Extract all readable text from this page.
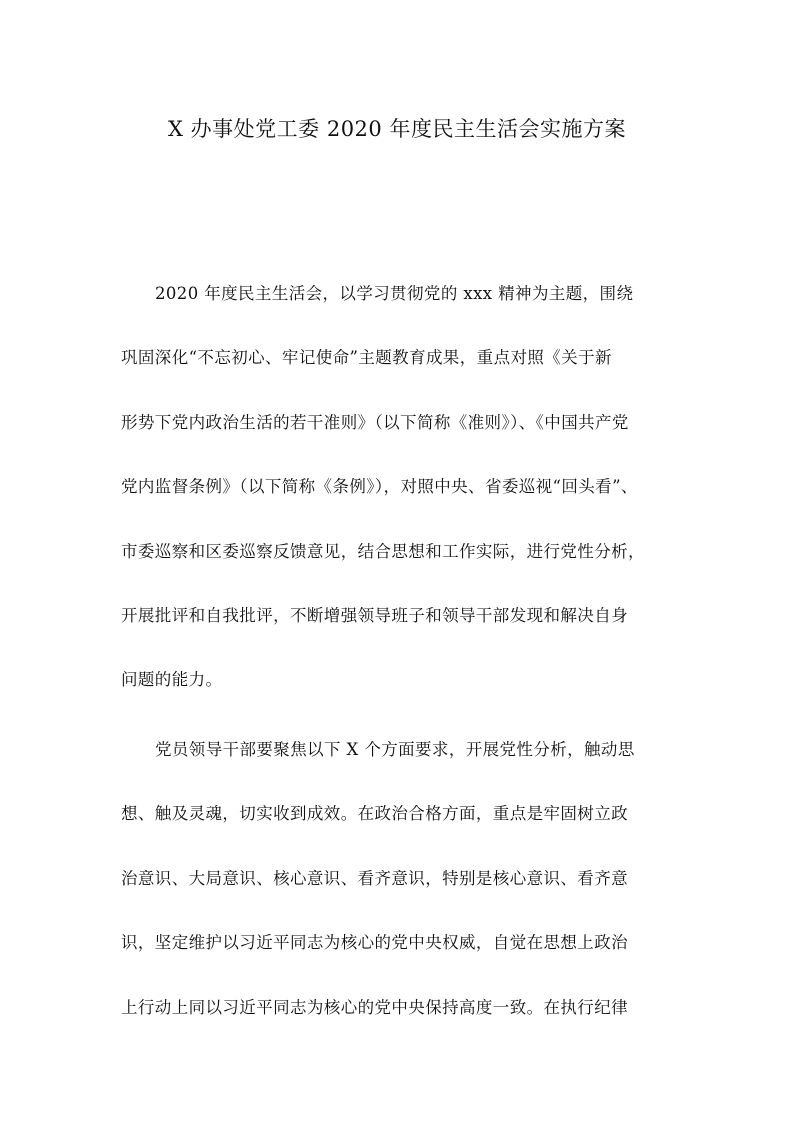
X 办事处党工委 2020 年度民主生活会实施方案
2020 年度民主生活会，以学习贯彻党的 xxx 精神为主题，围绕
巩固深化“不忘初心、牢记使命”主题教育成果，重点对照《关于新
形势下党内政治生活的若干准则》（以下简称《准则》）、《中国共产党
党内监督条例》（以下简称《条例》），对照中央、省委巡视“回头看”、
市委巡察和区委巡察反馈意见，结合思想和工作实际，进行党性分析，
开展批评和自我批评，不断增强领导班子和领导干部发现和解决自身
问题的能力。
党员领导干部要聚焦以下 X 个方面要求，开展党性分析，触动思
想、触及灵魂，切实收到成效。在政治合格方面，重点是牢固树立政
治意识、大局意识、核心意识、看齐意识，特别是核心意识、看齐意
识，坚定维护以习近平同志为核心的党中央权威，自觉在思想上政治
上行动上同以习近平同志为核心的党中央保持高度一致。在执行纪律
